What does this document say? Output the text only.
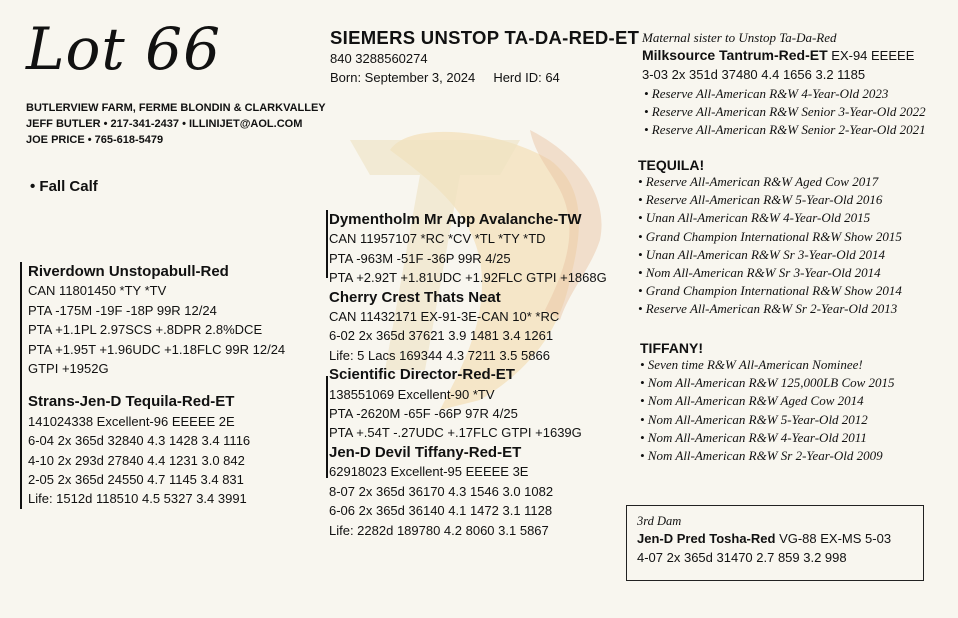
Lot 66
BUTLERVIEW FARM, FERME BLONDIN & CLARKVALLEY
JEFF BUTLER • 217-341-2437 • ILLINIJET@AOL.COM
JOE PRICE • 765-618-5479
• Fall Calf
Riverdown Unstopabull-Red
CAN 11801450 *TY *TV
PTA -175M -19F -18P 99R 12/24
PTA +1.1PL 2.97SCS +.8DPR 2.8%DCE
PTA +1.95T +1.96UDC +1.18FLC 99R 12/24
GTPI +1952G
Strans-Jen-D Tequila-Red-ET
141024338 Excellent-96 EEEEE 2E
6-04 2x 365d 32840 4.3 1428 3.4 1116
4-10 2x 293d 27840 4.4 1231 3.0 842
2-05 2x 365d 24550 4.7 1145 3.4 831
Life: 1512d 118510 4.5 5327 3.4 3991
SIEMERS UNSTOP TA-DA-RED-ET
840 3288560274
Born: September 3, 2024     Herd ID: 64
Dymentholm Mr App Avalanche-TW
CAN 11957107 *RC *CV *TL *TY *TD
PTA -963M -51F -36P 99R 4/25
PTA +2.92T +1.81UDC +1.92FLC GTPI +1868G
Cherry Crest Thats Neat
CAN 11432171 EX-91-3E-CAN 10* *RC
6-02 2x 365d 37621 3.9 1481 3.4 1261
Life: 5 Lacs 169344 4.3 7211 3.5 5866
Scientific Director-Red-ET
138551069 Excellent-90 *TV
PTA -2620M -65F -66P 97R 4/25
PTA +.54T -.27UDC +.17FLC GTPI +1639G
Jen-D Devil Tiffany-Red-ET
62918023 Excellent-95 EEEEE 3E
8-07 2x 365d 36170 4.3 1546 3.0 1082
6-06 2x 365d 36140 4.1 1472 3.1 1128
Life: 2282d 189780 4.2 8060 3.1 5867
Maternal sister to Unstop Ta-Da-Red
Milksource Tantrum-Red-ET EX-94 EEEEE
3-03 2x 351d 37480 4.4 1656 3.2 1185
• Reserve All-American R&W 4-Year-Old 2023
• Reserve All-American R&W Senior 3-Year-Old 2022
• Reserve All-American R&W Senior 2-Year-Old 2021
TEQUILA!
• Reserve All-American R&W Aged Cow 2017
• Reserve All-American R&W 5-Year-Old 2016
• Unan All-American R&W 4-Year-Old 2015
• Grand Champion International R&W Show 2015
• Unan All-American R&W Sr 3-Year-Old 2014
• Nom All-American R&W Sr 3-Year-Old 2014
• Grand Champion International R&W Show 2014
• Reserve All-American R&W Sr 2-Year-Old 2013
TIFFANY!
• Seven time R&W All-American Nominee!
• Nom All-American R&W 125,000LB Cow 2015
• Nom All-American R&W Aged Cow 2014
• Nom All-American R&W 5-Year-Old 2012
• Nom All-American R&W 4-Year-Old 2011
• Nom All-American R&W Sr 2-Year-Old 2009
3rd Dam
Jen-D Pred Tosha-Red VG-88 EX-MS 5-03
4-07 2x 365d 31470 2.7 859 3.2 998
